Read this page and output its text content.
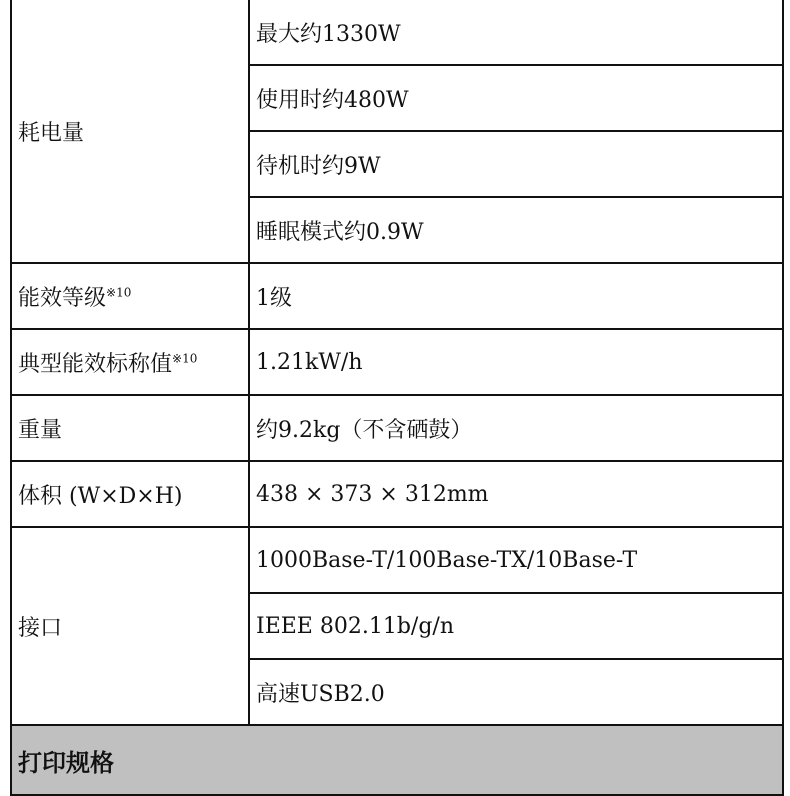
耗电量	最大约1330W
	使用时约480W
	待机时约9W
	睡眠模式约0.9W
能效等级$^{※10}$	1级
典型能效标称值$^{※10}$	1.21kW/h
重量	约9.2kg（不含硒鼓）
体积 (W×D×H)	438 × 373 × 312mm
接口	1000Base-T/100Base-TX/10Base-T
	IEEE 802.11b/g/n
	高速USB2.0
打印规格	
